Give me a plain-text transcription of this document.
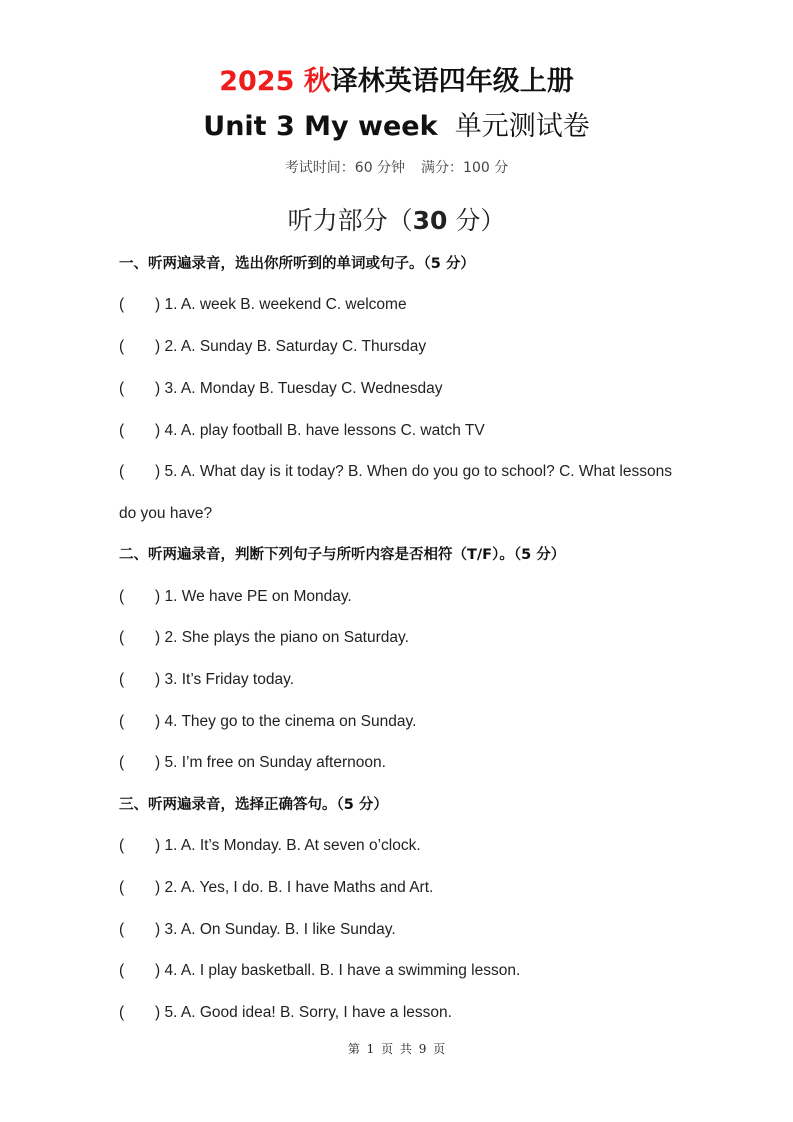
2025 秋译林英语四年级上册
Unit 3 My week 单元测试卷
考试时间：60 分钟 满分：100 分
听力部分（30 分）
一、听两遍录音，选出你所听到的单词或句子。（5 分）
( ) 1. A. week B. weekend C. welcome
( ) 2. A. Sunday B. Saturday C. Thursday
( ) 3. A. Monday B. Tuesday C. Wednesday
( ) 4. A. play football B. have lessons C. watch TV
( ) 5. A. What day is it today? B. When do you go to school? C. What lessons
do you have?
二、听两遍录音，判断下列句子与所听内容是否相符（T/F）。（5 分）
( ) 1. We have PE on Monday.
( ) 2. She plays the piano on Saturday.
( ) 3. It’s Friday today.
( ) 4. They go to the cinema on Sunday.
( ) 5. I’m free on Sunday afternoon.
三、听两遍录音，选择正确答句。（5 分）
( ) 1. A. It’s Monday. B. At seven o’clock.
( ) 2. A. Yes, I do. B. I have Maths and Art.
( ) 3. A. On Sunday. B. I like Sunday.
( ) 4. A. I play basketball. B. I have a swimming lesson.
( ) 5. A. Good idea! B. Sorry, I have a lesson.
第 1 页 共 9 页
